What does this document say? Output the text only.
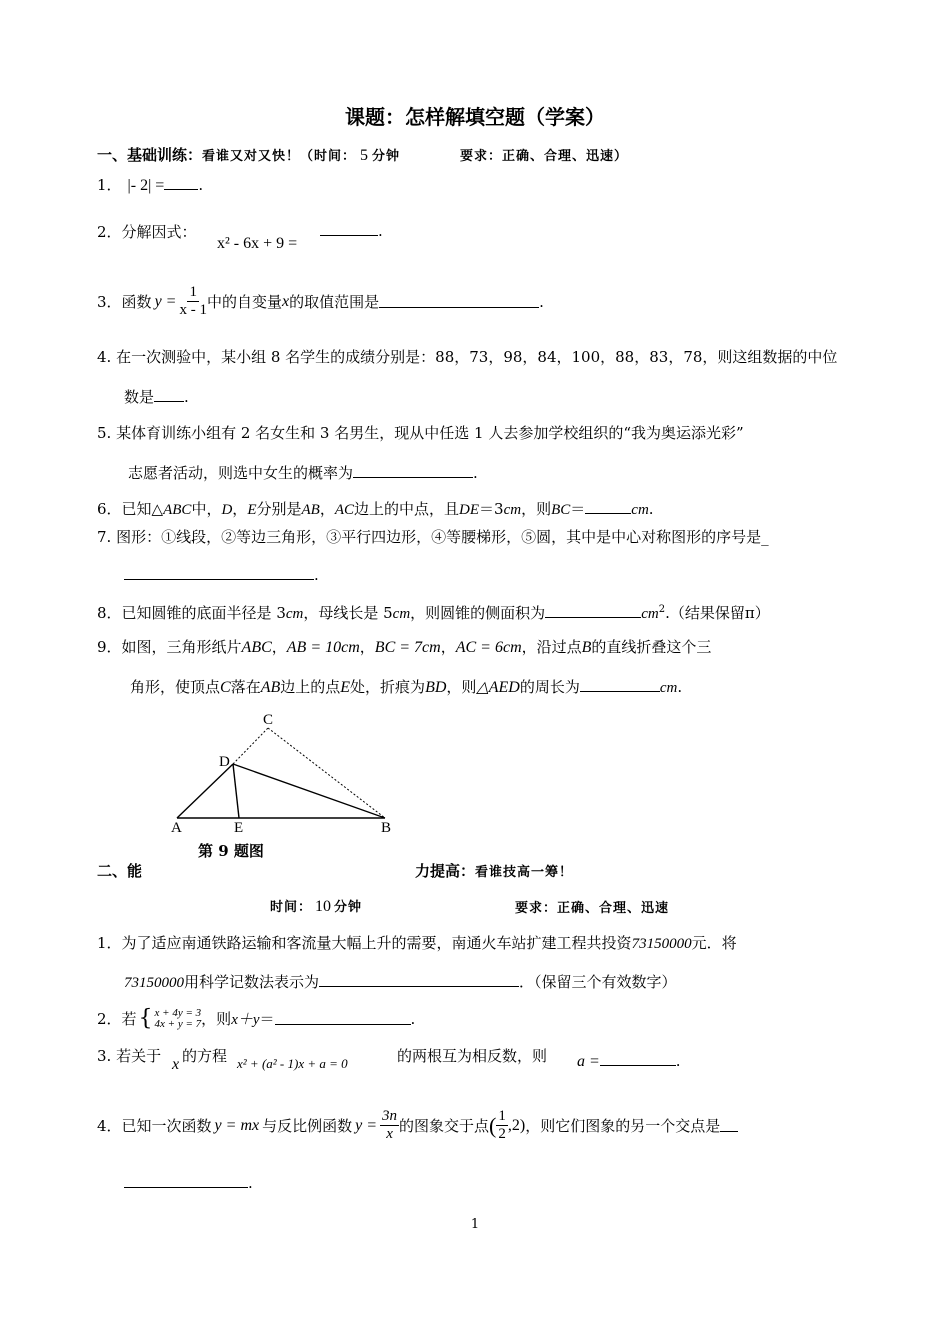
课题：怎样解填空题（学案）
一、基础训练：看谁又对又快！（时间： 5 分钟	要求：正确、合理、迅速）
1． |- 2| = .
2．分解因式：
x² - 6x + 9 =
.
3． 函数 $y = \frac{1}{x - 1}$ 中的自变量 x 的取值范围是	.
4. 在一次测验中，某小组 8 名学生的成绩分别是：88，73，98，84，100，88，83，78，则这组数据的中位
数是 .
5. 某体育训练小组有 2 名女生和 3 名男生，现从中任选 1 人去参加学校组织的“我为奥运添光彩”
志愿者活动，则选中女生的概率为	.
6．已知△ABC中，D，E分别是AB，AC边上的中点，且DE＝3cm，则BC＝	cm.
7. 图形：①线段，②等边三角形，③平行四边形，④等腰梯形，⑤圆，其中是中心对称图形的序号是_
.
8．已知圆锥的底面半径是 3cm，母线长是 5cm，则圆锥的侧面积为	$cm^2$.（结果保留π）
9．如图，三角形纸片ABC，AB = 10cm，BC = 7cm，AC = 6cm，沿过点B的直线折叠这个三
角形，使顶点C落在AB边上的点E处，折痕为BD，则△AED的周长为	cm.
C
D
A	E	B
第 9 题图
二、能	力提高：看谁技高一筹！
时间： 10 分钟	要求：正确、合理、迅速
1．为了适应南通铁路运输和客流量大幅上升的需要，南通火车站扩建工程共投资73150000元．将
73150000用科学记数法表示为	．（保留三个有效数字）
2．若 { x + 4y = 3
4x + y = 7 ，则 x＋y ＝	.
3. 若关于 x 的方程 x² + (a² - 1)x + a = 0	的两根互为相反数，则 a =	.
4．已知一次函数 y = mx 与反比例函数 $y = \frac{3n}{x}$ 的图象交于点 ( $\frac{1}{2} ,2$) ，则它们图象的另一个交点是
.
1
